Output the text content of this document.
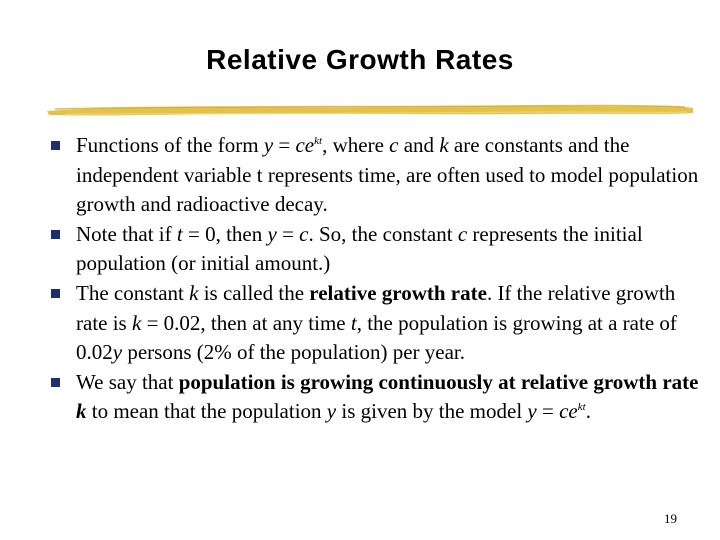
Relative Growth Rates
Functions of the form $y = ce^{kt}$, where c and k are constants and the independent variable t represents time, are often used to model population growth and radioactive decay.
Note that if t = 0, then y = c. So, the constant c represents the initial population (or initial amount.)
The constant k is called the relative growth rate. If the relative growth rate is k = 0.02, then at any time t, the population is growing at a rate of 0.02y persons (2% of the population) per year.
We say that population is growing continuously at relative growth rate k to mean that the population y is given by the model $y = ce^{kt}$.
19
